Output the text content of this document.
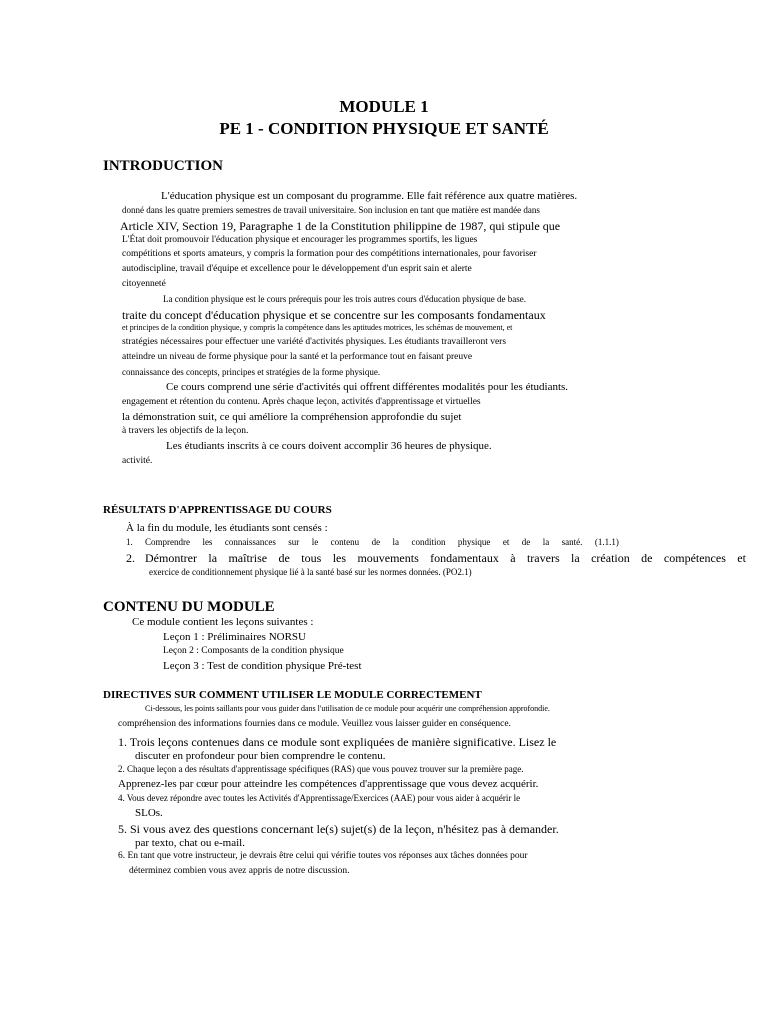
MODULE 1
PE 1 - CONDITION PHYSIQUE ET SANTÉ
INTRODUCTION
L'éducation physique est un composant du programme. Elle fait référence aux quatre matières.
donné dans les quatre premiers semestres de travail universitaire. Son inclusion en tant que matière est mandée dans
Article XIV, Section 19, Paragraphe 1 de la Constitution philippine de 1987, qui stipule que
L'État doit promouvoir l'éducation physique et encourager les programmes sportifs, les ligues
compétitions et sports amateurs, y compris la formation pour des compétitions internationales, pour favoriser
autodiscipline, travail d'équipe et excellence pour le développement d'un esprit sain et alerte
citoyenneté
La condition physique est le cours prérequis pour les trois autres cours d'éducation physique de base.
traite du concept d'éducation physique et se concentre sur les composants fondamentaux
et principes de la condition physique, y compris la compétence dans les aptitudes motrices, les schémas de mouvement, et
stratégies nécessaires pour effectuer une variété d'activités physiques. Les étudiants travailleront vers
atteindre un niveau de forme physique pour la santé et la performance tout en faisant preuve
connaissance des concepts, principes et stratégies de la forme physique.
Ce cours comprend une série d'activités qui offrent différentes modalités pour les étudiants.
engagement et rétention du contenu. Après chaque leçon, activités d'apprentissage et virtuelles
la démonstration suit, ce qui améliore la compréhension approfondie du sujet
à travers les objectifs de la leçon.
Les étudiants inscrits à ce cours doivent accomplir 36 heures de physique.
activité.
RÉSULTATS D'APPRENTISSAGE DU COURS
À la fin du module, les étudiants sont censés :
1. Comprendre les connaissances sur le contenu de la condition physique et de la santé. (1.1.1)
2. Démontrer la maîtrise de tous les mouvements fondamentaux à travers la création de compétences et
exercice de conditionnement physique lié à la santé basé sur les normes données. (PO2.1)
CONTENU DU MODULE
Ce module contient les leçons suivantes :
Leçon 1 : Préliminaires NORSU
Leçon 2 : Composants de la condition physique
Leçon 3 : Test de condition physique Pré-test
DIRECTIVES SUR COMMENT UTILISER LE MODULE CORRECTEMENT
Ci-dessous, les points saillants pour vous guider dans l'utilisation de ce module pour acquérir une compréhension approfondie.
compréhension des informations fournies dans ce module. Veuillez vous laisser guider en conséquence.
1. Trois leçons contenues dans ce module sont expliquées de manière significative. Lisez le
discuter en profondeur pour bien comprendre le contenu.
2. Chaque leçon a des résultats d'apprentissage spécifiques (RAS) que vous pouvez trouver sur la première page.
Apprenez-les par cœur pour atteindre les compétences d'apprentissage que vous devez acquérir.
4. Vous devez répondre avec toutes les Activités d'Apprentissage/Exercices (AAE) pour vous aider à acquérir le
SLOs.
5. Si vous avez des questions concernant le(s) sujet(s) de la leçon, n'hésitez pas à demander.
par texto, chat ou e-mail.
6. En tant que votre instructeur, je devrais être celui qui vérifie toutes vos réponses aux tâches données pour
déterminez combien vous avez appris de notre discussion.
